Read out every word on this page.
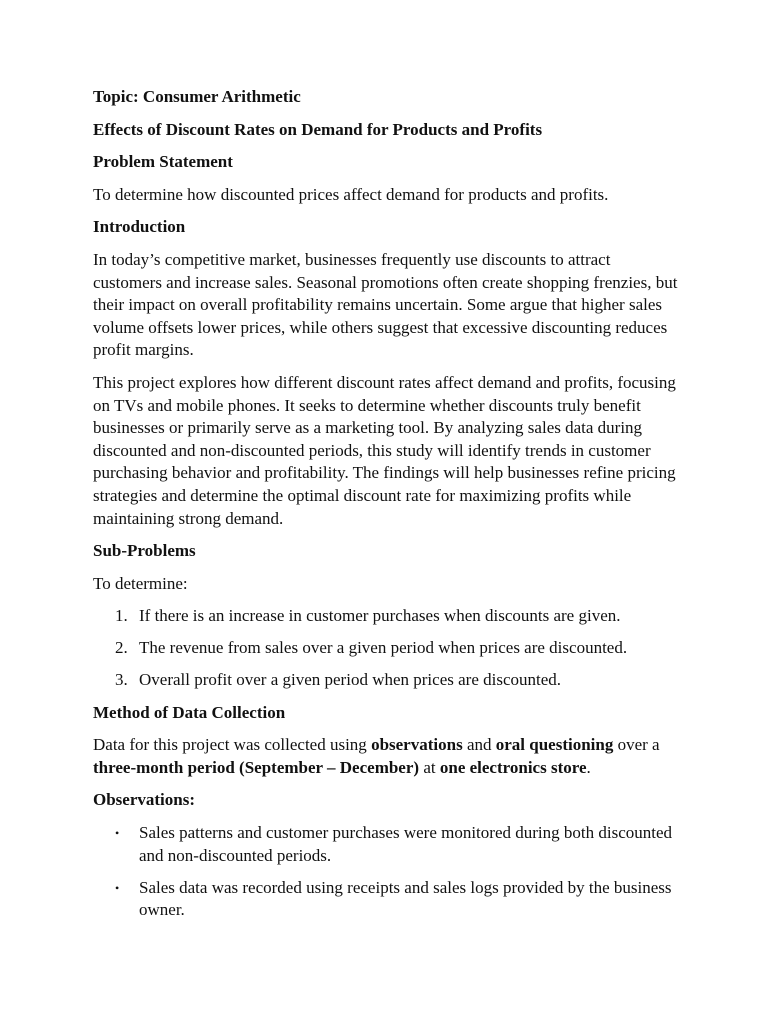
Topic: Consumer Arithmetic

Effects of Discount Rates on Demand for Products and Profits

Problem Statement

To determine how discounted prices affect demand for products and profits.

Introduction

In today’s competitive market, businesses frequently use discounts to attract customers and increase sales. Seasonal promotions often create shopping frenzies, but their impact on overall profitability remains uncertain. Some argue that higher sales volume offsets lower prices, while others suggest that excessive discounting reduces profit margins.

This project explores how different discount rates affect demand and profits, focusing on TVs and mobile phones. It seeks to determine whether discounts truly benefit businesses or primarily serve as a marketing tool. By analyzing sales data during discounted and non-discounted periods, this study will identify trends in customer purchasing behavior and profitability. The findings will help businesses refine pricing strategies and determine the optimal discount rate for maximizing profits while maintaining strong demand.

Sub-Problems

To determine:

1. If there is an increase in customer purchases when discounts are given.
2. The revenue from sales over a given period when prices are discounted.
3. Overall profit over a given period when prices are discounted.

Method of Data Collection

Data for this project was collected using observations and oral questioning over a three-month period (September – December) at one electronics store.

Observations:

• Sales patterns and customer purchases were monitored during both discounted and non-discounted periods.
• Sales data was recorded using receipts and sales logs provided by the business owner.
